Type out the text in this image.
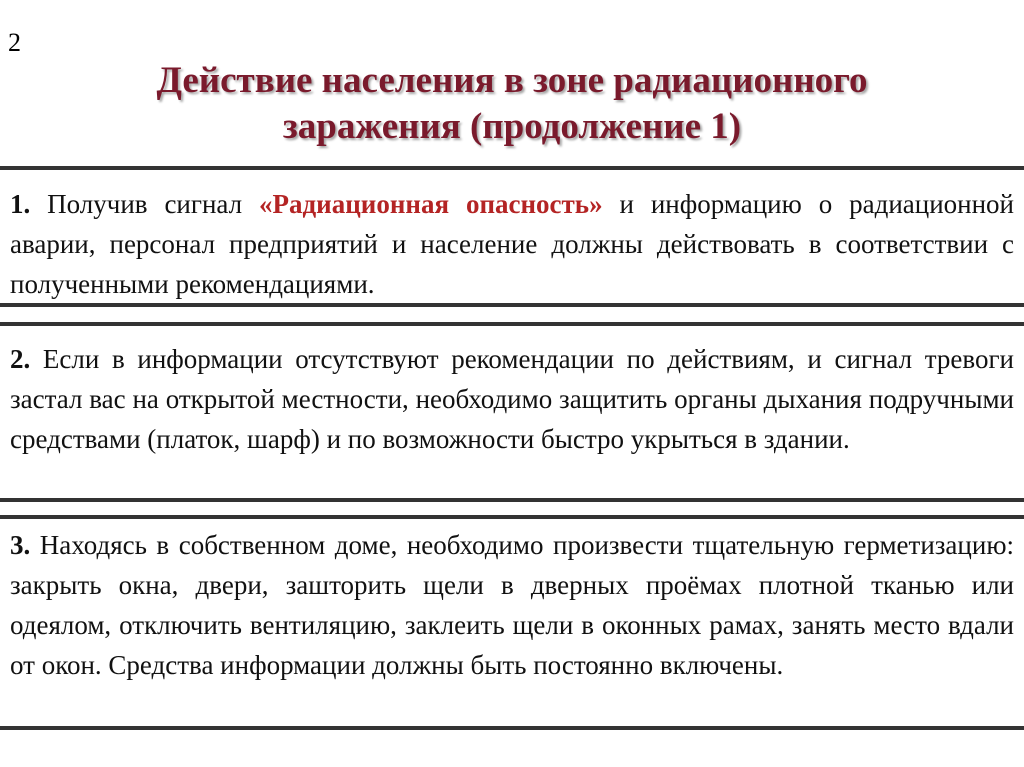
2
Действие населения в зоне радиационного
заражения (продолжение 1)
1. Получив сигнал «Радиационная опасность» и информацию о радиационной аварии, персонал предприятий и население должны действовать в соответствии с полученными рекомендациями.
2. Если в информации отсутствуют рекомендации по действиям, и сигнал тревоги застал вас на открытой местности, необходимо защитить органы дыхания подручными средствами (платок, шарф) и по возможности быстро укрыться в здании.
3. Находясь в собственном доме, необходимо произвести тщательную герметизацию: закрыть окна, двери, зашторить щели в дверных проёмах плотной тканью или одеялом, отключить вентиляцию, заклеить щели в оконных рамах, занять место вдали от окон. Средства информации должны быть постоянно включены.
